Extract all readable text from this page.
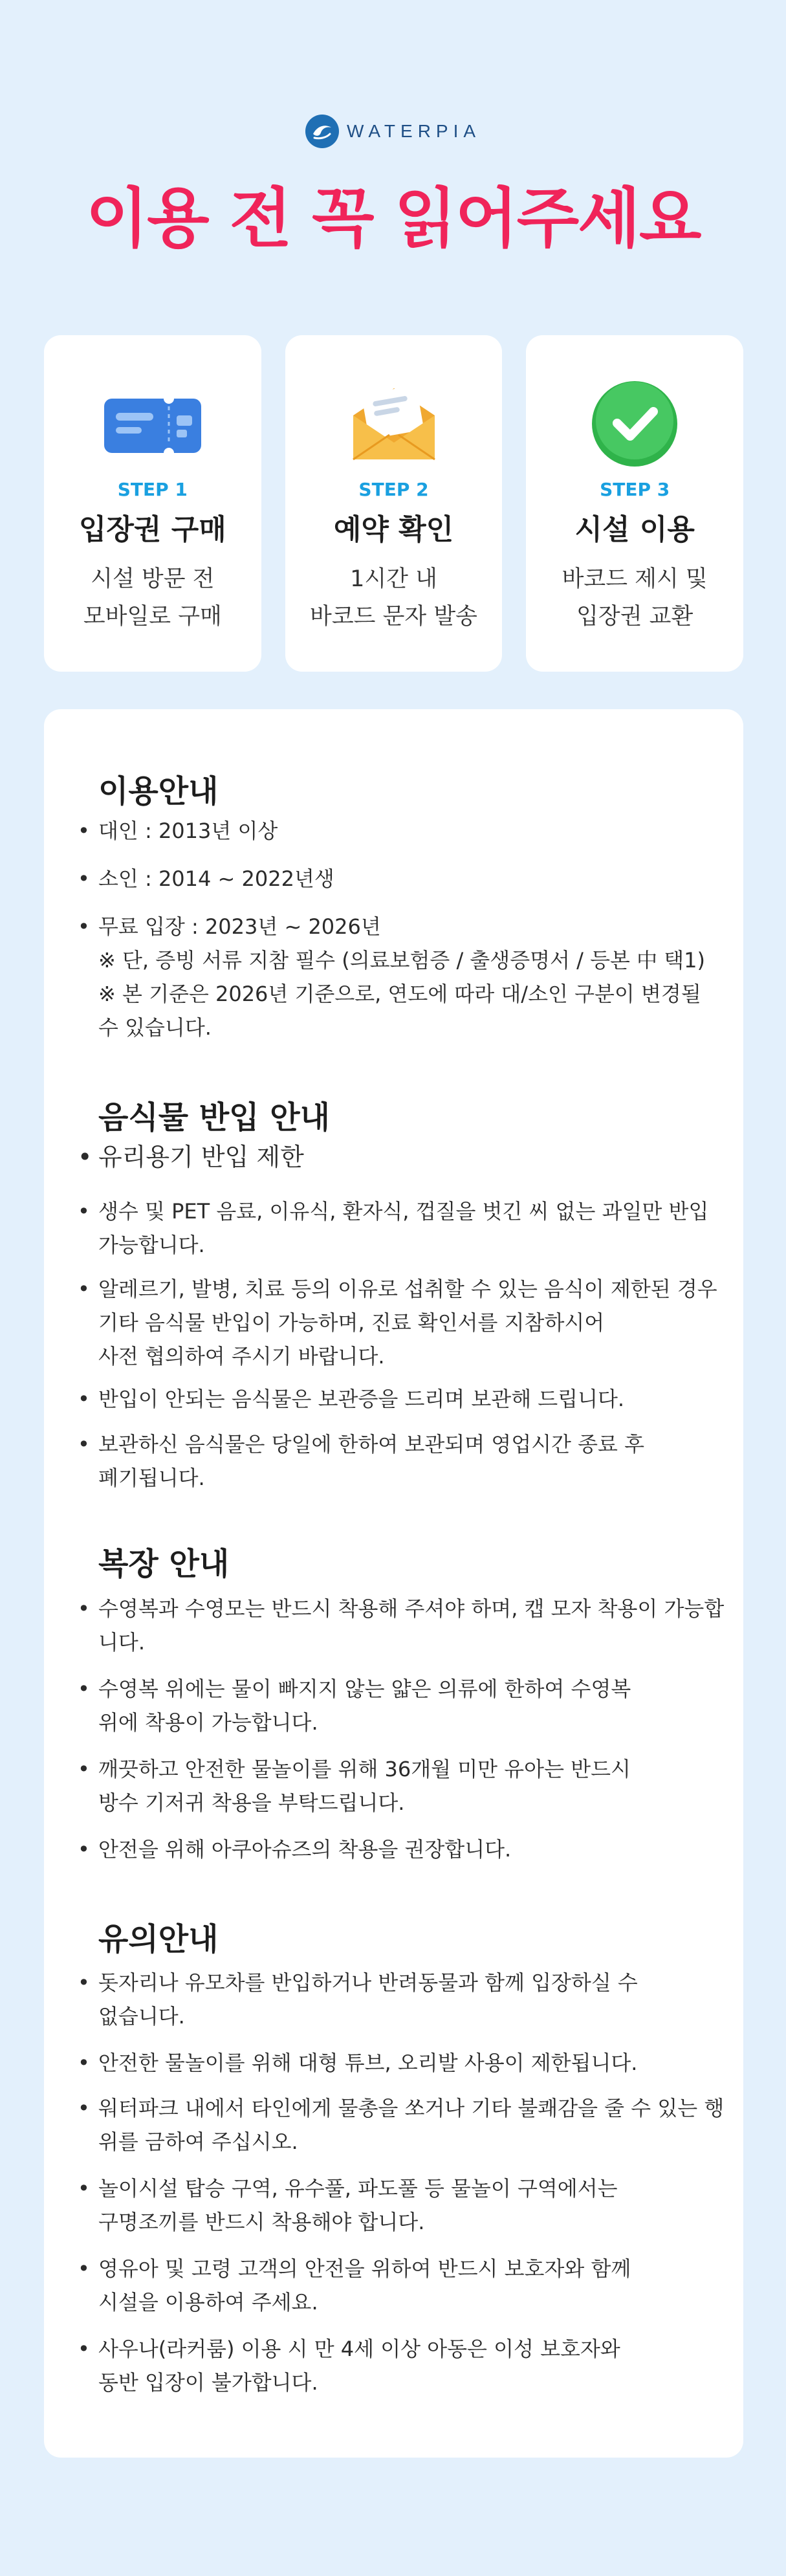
WATERPIA
이용 전 꼭 읽어주세요
STEP 1
입장권 구매
시설 방문 전
모바일로 구매
STEP 2
예약 확인
1시간 내
바코드 문자 발송
STEP 3
시설 이용
바코드 제시 및
입장권 교환
이용안내
• 대인 : 2013년 이상
• 소인 : 2014 ~ 2022년생
• 무료 입장 : 2023년 ~ 2026년
※ 단, 증빙 서류 지참 필수 (의료보험증 / 출생증명서 / 등본 中 택1)
※ 본 기준은 2026년 기준으로, 연도에 따라 대/소인 구분이 변경될
수 있습니다.
음식물 반입 안내
• 유리용기 반입 제한
• 생수 및 PET 음료, 이유식, 환자식, 껍질을 벗긴 씨 없는 과일만 반입
가능합니다.
• 알레르기, 발병, 치료 등의 이유로 섭취할 수 있는 음식이 제한된 경우
기타 음식물 반입이 가능하며, 진료 확인서를 지참하시어
사전 협의하여 주시기 바랍니다.
• 반입이 안되는 음식물은 보관증을 드리며 보관해 드립니다.
• 보관하신 음식물은 당일에 한하여 보관되며 영업시간 종료 후
폐기됩니다.
복장 안내
• 수영복과 수영모는 반드시 착용해 주셔야 하며, 캡 모자 착용이 가능합
니다.
• 수영복 위에는 물이 빠지지 않는 얇은 의류에 한하여 수영복
위에 착용이 가능합니다.
• 깨끗하고 안전한 물놀이를 위해 36개월 미만 유아는 반드시
방수 기저귀 착용을 부탁드립니다.
• 안전을 위해 아쿠아슈즈의 착용을 권장합니다.
유의안내
• 돗자리나 유모차를 반입하거나 반려동물과 함께 입장하실 수
없습니다.
• 안전한 물놀이를 위해 대형 튜브, 오리발 사용이 제한됩니다.
• 워터파크 내에서 타인에게 물총을 쏘거나 기타 불쾌감을 줄 수 있는 행
위를 금하여 주십시오.
• 놀이시설 탑승 구역, 유수풀, 파도풀 등 물놀이 구역에서는
구명조끼를 반드시 착용해야 합니다.
• 영유아 및 고령 고객의 안전을 위하여 반드시 보호자와 함께
시설을 이용하여 주세요.
• 사우나(라커룸) 이용 시 만 4세 이상 아동은 이성 보호자와
동반 입장이 불가합니다.
